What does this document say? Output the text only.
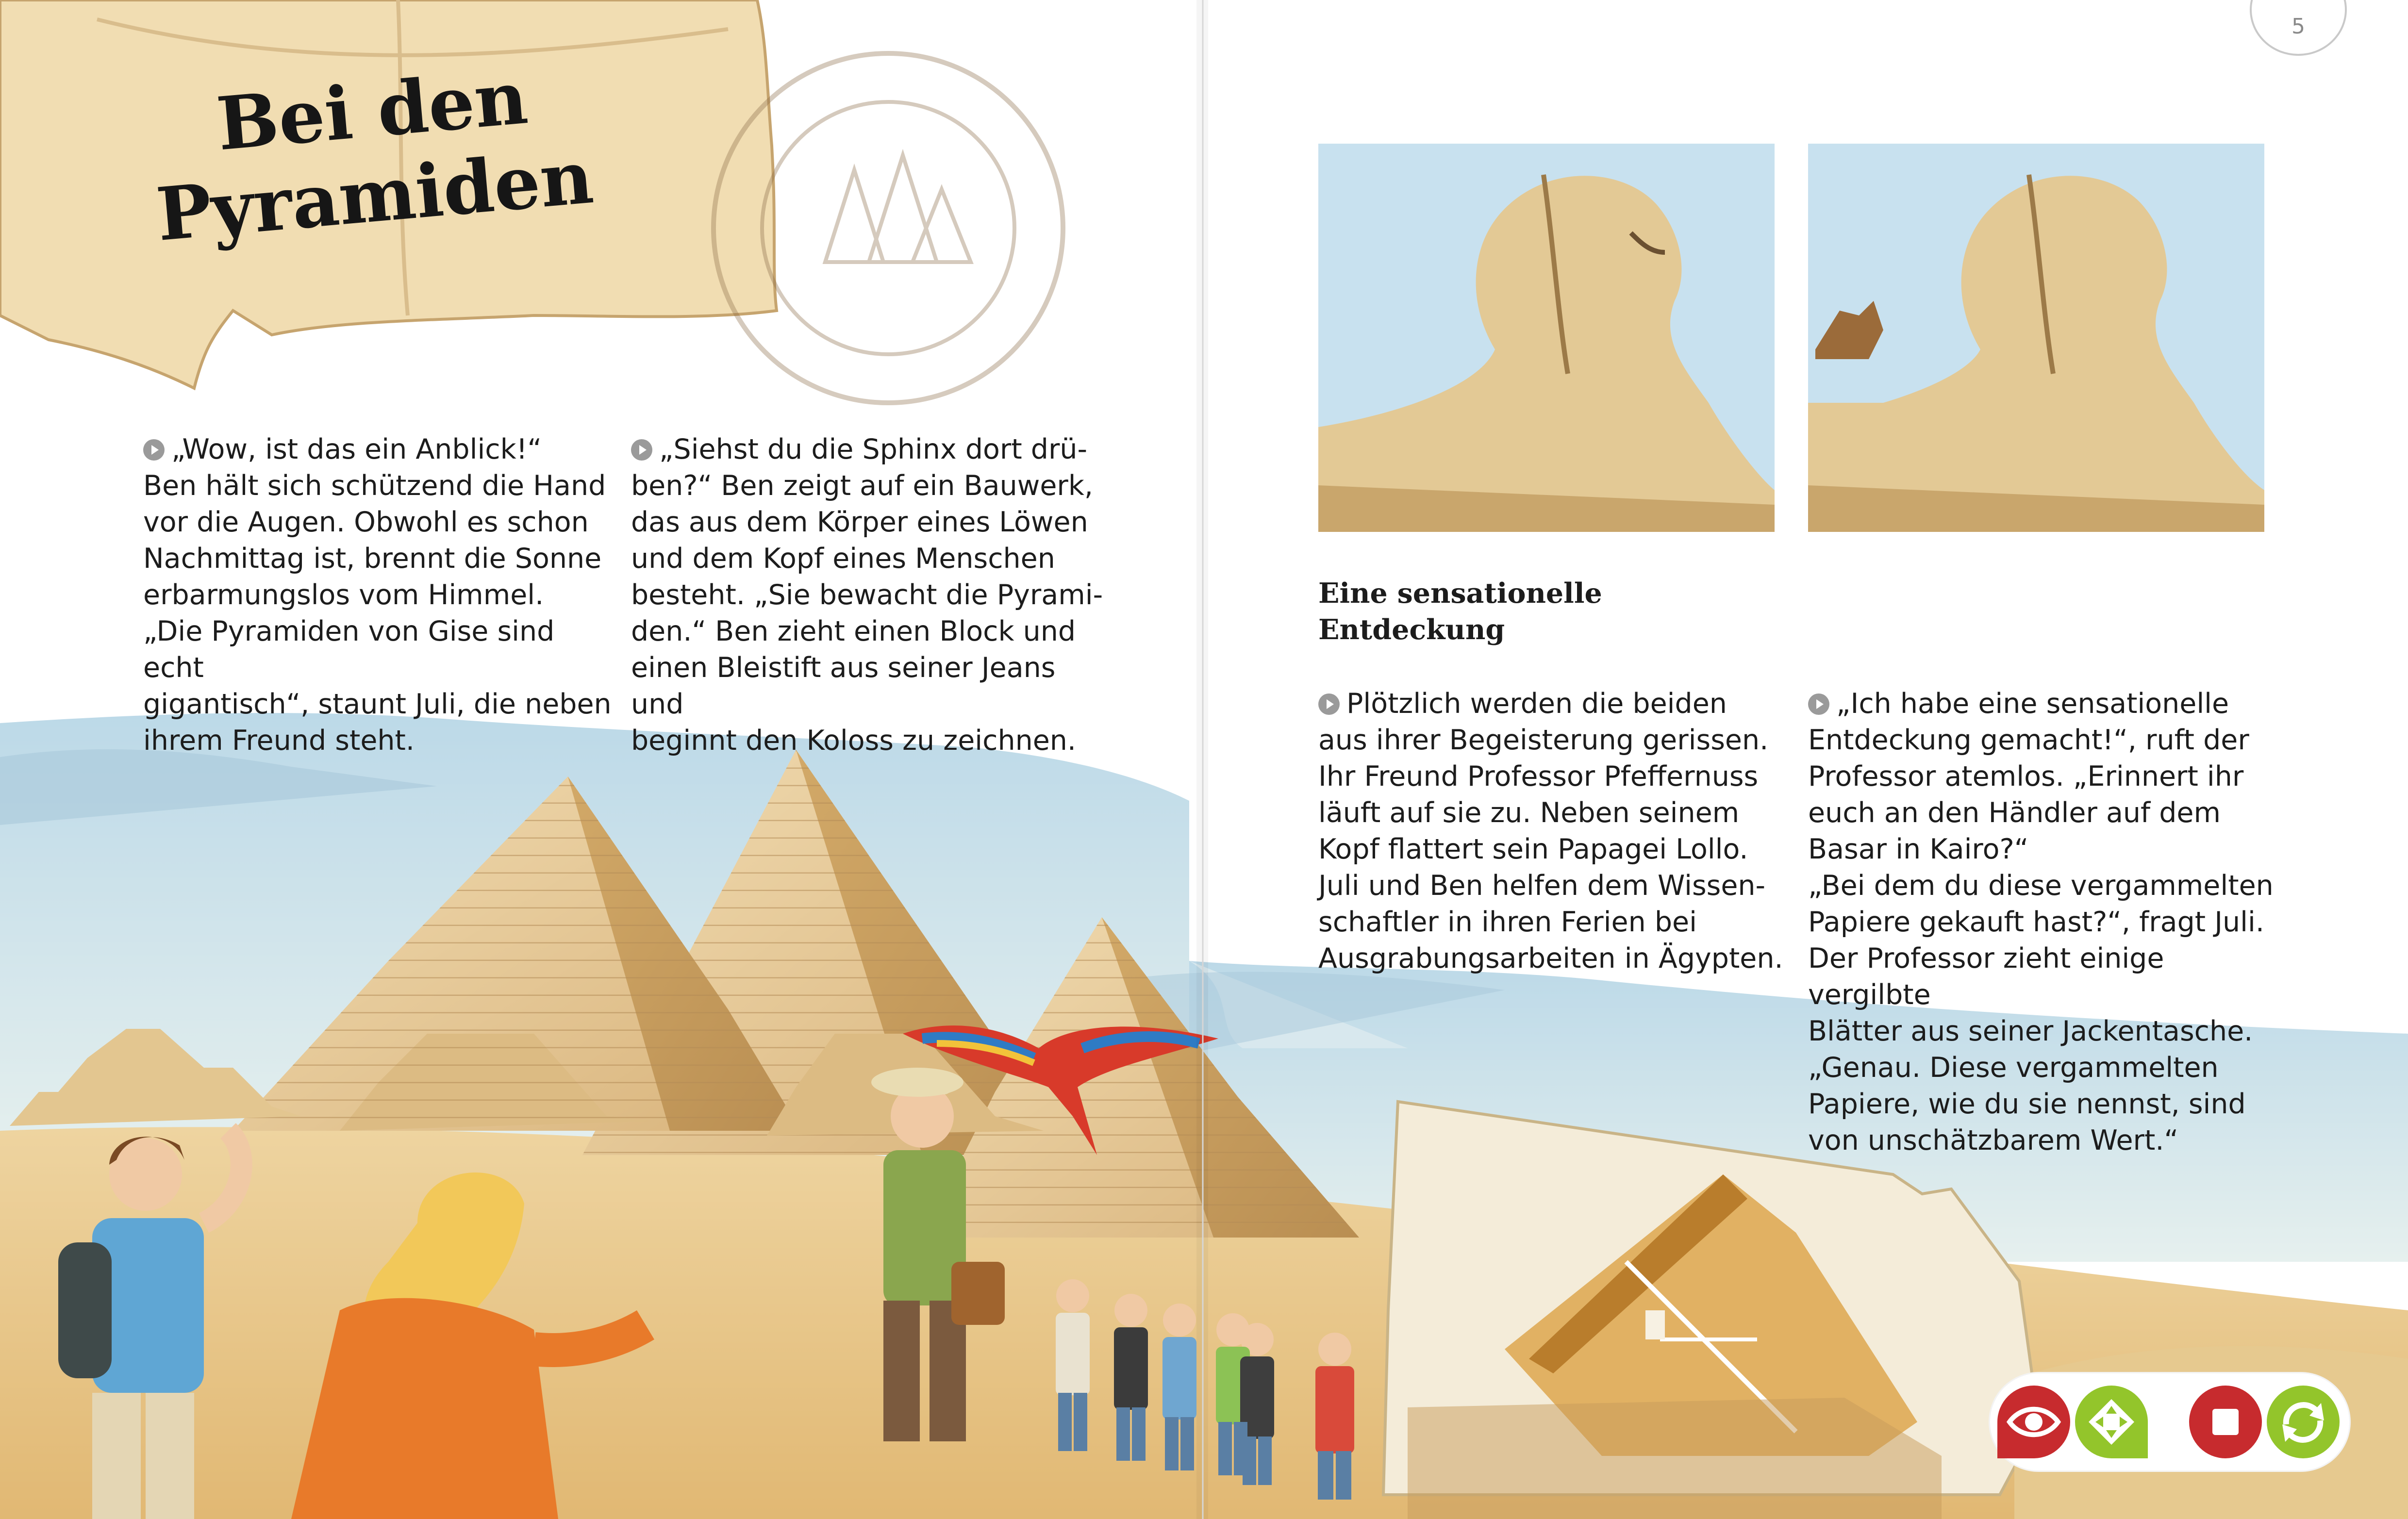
5
Bei den
Pyramiden
„Wow, ist das ein Anblick!“
Ben hält sich schützend die Hand
vor die Augen. Obwohl es schon
Nachmittag ist, brennt die Sonne
erbarmungslos vom Himmel.
„Die Pyramiden von Gise sind echt
gigantisch“, staunt Juli, die neben
ihrem Freund steht.
„Siehst du die Sphinx dort drü-
ben?“ Ben zeigt auf ein Bauwerk,
das aus dem Körper eines Löwen
und dem Kopf eines Menschen
besteht. „Sie bewacht die Pyrami-
den.“ Ben zieht einen Block und
einen Bleistift aus seiner Jeans und
beginnt den Koloss zu zeichnen.
Eine sensationelle
Entdeckung
Plötzlich werden die beiden
aus ihrer Begeisterung gerissen.
Ihr Freund Professor Pfeffernuss
läuft auf sie zu. Neben seinem
Kopf flattert sein Papagei Lollo.
Juli und Ben helfen dem Wissen-
schaftler in ihren Ferien bei
Ausgrabungsarbeiten in Ägypten.
„Ich habe eine sensationelle
Entdeckung gemacht!“, ruft der
Professor atemlos. „Erinnert ihr
euch an den Händler auf dem
Basar in Kairo?“
„Bei dem du diese vergammelten
Papiere gekauft hast?“, fragt Juli.
Der Professor zieht einige vergilbte
Blätter aus seiner Jackentasche.
„Genau. Diese vergammelten
Papiere, wie du sie nennst, sind
von unschätzbarem Wert.“
